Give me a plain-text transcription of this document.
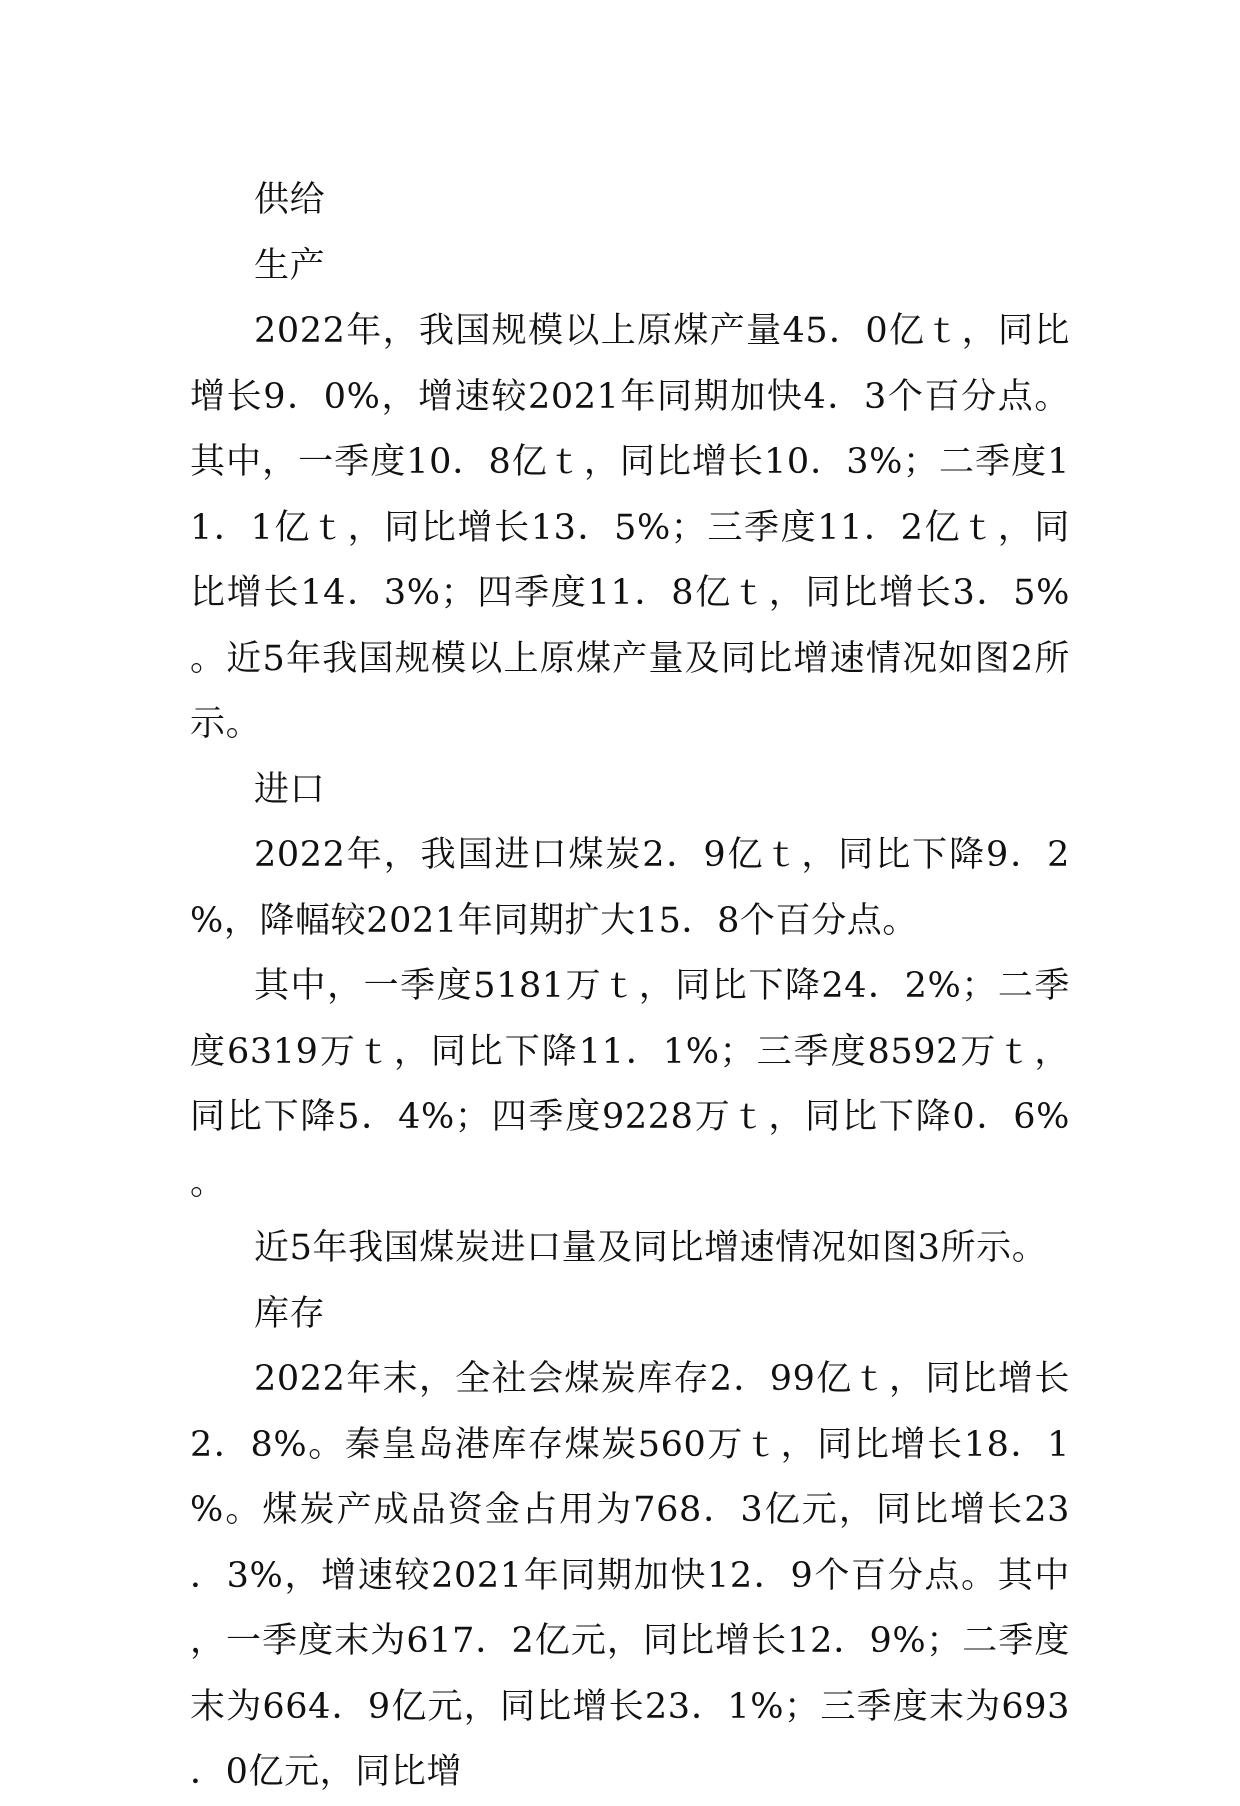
供给

生产

2022年，我国规模以上原煤产量45．0亿ｔ，同比增长9．0%，增速较2021年同期加快4．3个百分点。其中，一季度10．8亿ｔ，同比增长10．3%；二季度11．1亿ｔ，同比增长13．5%；三季度11．2亿ｔ，同比增长14．3%；四季度11．8亿ｔ，同比增长3．5%。近5年我国规模以上原煤产量及同比增速情况如图2所示。

进口

2022年，我国进口煤炭2．9亿ｔ，同比下降9．2%，降幅较2021年同期扩大15．8个百分点。

其中，一季度5181万ｔ，同比下降24．2%；二季度6319万ｔ，同比下降11．1%；三季度8592万ｔ，同比下降5．4%；四季度9228万ｔ，同比下降0．6%。

近5年我国煤炭进口量及同比增速情况如图3所示。

库存

2022年末，全社会煤炭库存2．99亿ｔ，同比增长2．8%。秦皇岛港库存煤炭560万ｔ，同比增长18．1%。煤炭产成品资金占用为768．3亿元，同比增长23．3%，增速较2021年同期加快12．9个百分点。其中，一季度末为617．2亿元，同比增长12．9%；二季度末为664．9亿元，同比增长23．1%；三季度末为693．0亿元，同比增
